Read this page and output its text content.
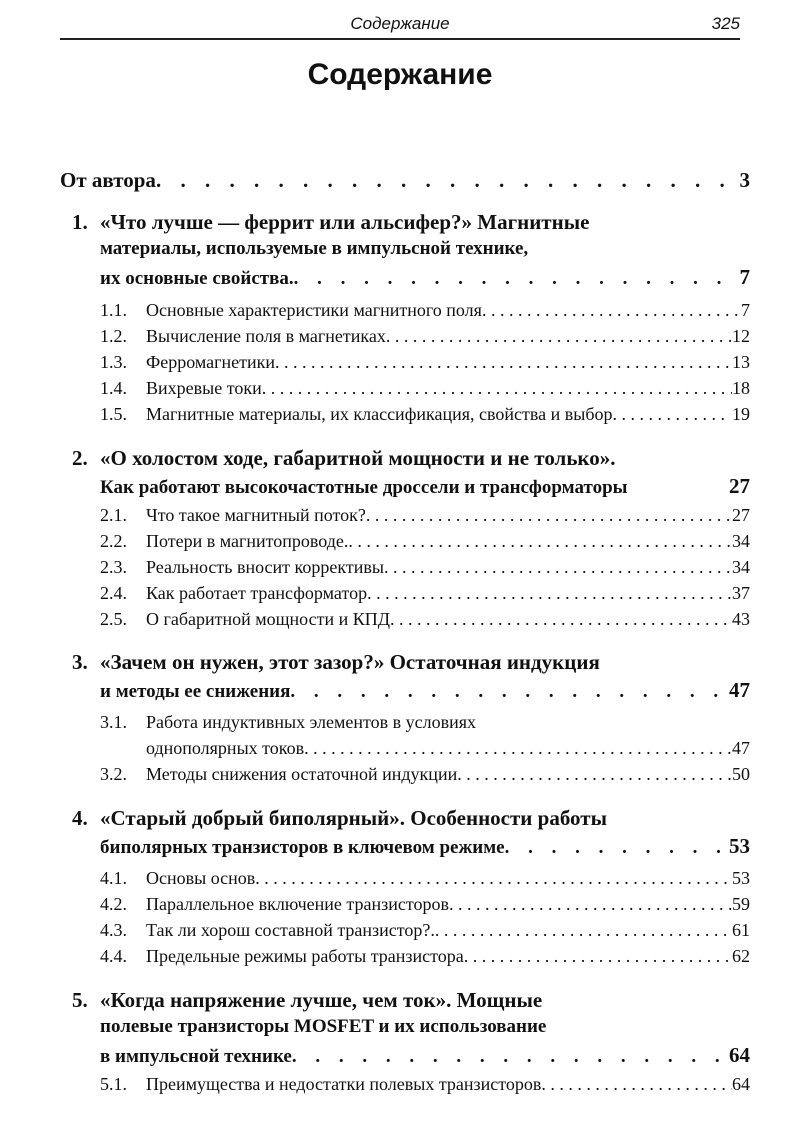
Содержание	325
Содержание
От автора . . .	3
1. «Что лучше — феррит или альсифер?» Магнитные
материалы, используемые в импульсной технике,
их основные свойства. . . .	7
1.1.	Основные характеристики магнитного поля . . .	7
1.2.	Вычисление поля в магнетиках . . .	12
1.3.	Ферромагнетики . . .	13
1.4.	Вихревые токи . . .	18
1.5.	Магнитные материалы, их классификация, свойства и выбор . . .	19
2. «О холостом ходе, габаритной мощности и не только».
Как работают высокочастотные дроссели и трансформаторы	27
2.1.	Что такое магнитный поток? . . .	27
2.2.	Потери в магнитопроводе. . . .	34
2.3.	Реальность вносит коррективы . . .	34
2.4.	Как работает трансформатор . . .	37
2.5.	О габаритной мощности и КПД . . .	43
3. «Зачем он нужен, этот зазор?» Остаточная индукция
и методы ее снижения . . .	47
3.1. Работа индуктивных элементов в условиях
однополярных токов . . .	47
3.2.	Методы снижения остаточной индукции . . .	50
4. «Старый добрый биполярный». Особенности работы
биполярных транзисторов в ключевом режиме . . .	53
4.1.	Основы основ . . .	53
4.2.	Параллельное включение транзисторов . . .	59
4.3.	Так ли хорош составной транзистор?. . . .	61
4.4.	Предельные режимы работы транзистора . . .	62
5. «Когда напряжение лучше, чем ток». Мощные
полевые транзисторы MOSFET и их использование
в импульсной технике . . .	64
5.1.	Преимущества и недостатки полевых транзисторов . . .	64
